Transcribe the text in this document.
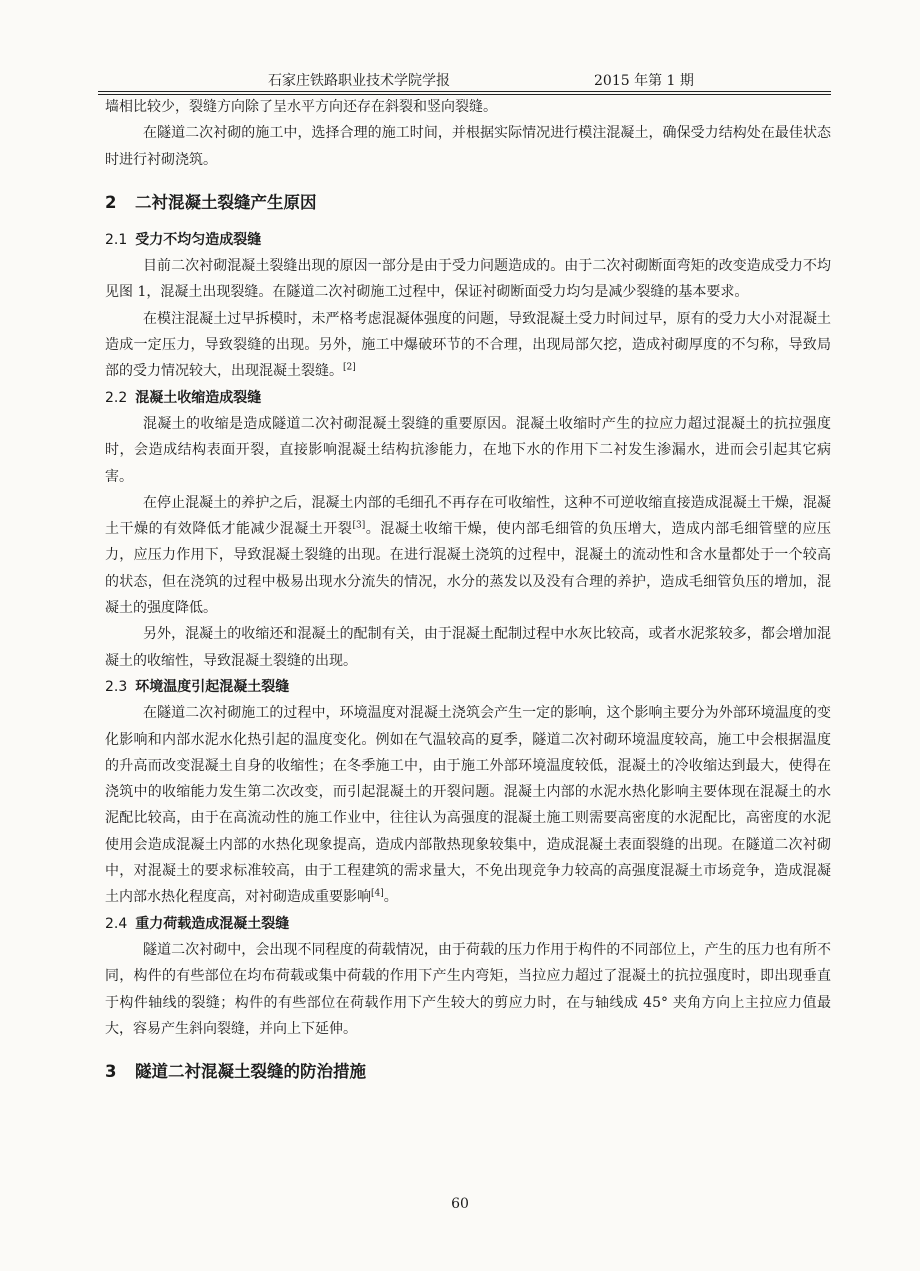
石家庄铁路职业技术学院学报	2015 年第 1 期

墙相比较少，裂缝方向除了呈水平方向还存在斜裂和竖向裂缝。

在隧道二次衬砌的施工中，选择合理的施工时间，并根据实际情况进行模注混凝土，确保受力结构处在最佳状态时进行衬砌浇筑。

2 二衬混凝土裂缝产生原因
2.1 受力不均匀造成裂缝

目前二次衬砌混凝土裂缝出现的原因一部分是由于受力问题造成的。由于二次衬砌断面弯矩的改变造成受力不均见图 1，混凝土出现裂缝。在隧道二次衬砌施工过程中，保证衬砌断面受力均匀是减少裂缝的基本要求。

在模注混凝土过早拆模时，未严格考虑混凝体强度的问题，导致混凝土受力时间过早，原有的受力大小对混凝土造成一定压力，导致裂缝的出现。另外，施工中爆破环节的不合理，出现局部欠挖，造成衬砌厚度的不匀称，导致局部的受力情况较大，出现混凝土裂缝。[2]

2.2 混凝土收缩造成裂缝

混凝土的收缩是造成隧道二次衬砌混凝土裂缝的重要原因。混凝土收缩时产生的拉应力超过混凝土的抗拉强度时，会造成结构表面开裂，直接影响混凝土结构抗渗能力，在地下水的作用下二衬发生渗漏水，进而会引起其它病害。

在停止混凝土的养护之后，混凝土内部的毛细孔不再存在可收缩性，这种不可逆收缩直接造成混凝土干燥，混凝土干燥的有效降低才能减少混凝土开裂[3]。混凝土收缩干燥，使内部毛细管的负压增大，造成内部毛细管壁的应压力，应压力作用下，导致混凝土裂缝的出现。在进行混凝土浇筑的过程中，混凝土的流动性和含水量都处于一个较高的状态，但在浇筑的过程中极易出现水分流失的情况，水分的蒸发以及没有合理的养护，造成毛细管负压的增加，混凝土的强度降低。

另外，混凝土的收缩还和混凝土的配制有关，由于混凝土配制过程中水灰比较高，或者水泥浆较多，都会增加混凝土的收缩性，导致混凝土裂缝的出现。

2.3 环境温度引起混凝土裂缝

在隧道二次衬砌施工的过程中，环境温度对混凝土浇筑会产生一定的影响，这个影响主要分为外部环境温度的变化影响和内部水泥水化热引起的温度变化。例如在气温较高的夏季，隧道二次衬砌环境温度较高，施工中会根据温度的升高而改变混凝土自身的收缩性；在冬季施工中，由于施工外部环境温度较低，混凝土的冷收缩达到最大，使得在浇筑中的收缩能力发生第二次改变，而引起混凝土的开裂问题。混凝土内部的水泥水热化影响主要体现在混凝土的水泥配比较高，由于在高流动性的施工作业中，往往认为高强度的混凝土施工则需要高密度的水泥配比，高密度的水泥使用会造成混凝土内部的水热化现象提高，造成内部散热现象较集中，造成混凝土表面裂缝的出现。在隧道二次衬砌中，对混凝土的要求标准较高，由于工程建筑的需求量大，不免出现竞争力较高的高强度混凝土市场竞争，造成混凝土内部水热化程度高，对衬砌造成重要影响[4]。

2.4 重力荷载造成混凝土裂缝

隧道二次衬砌中，会出现不同程度的荷载情况，由于荷载的压力作用于构件的不同部位上，产生的压力也有所不同，构件的有些部位在均布荷载或集中荷载的作用下产生内弯矩，当拉应力超过了混凝土的抗拉强度时，即出现垂直于构件轴线的裂缝；构件的有些部位在荷载作用下产生较大的剪应力时，在与轴线成 45° 夹角方向上主拉应力值最大，容易产生斜向裂缝，并向上下延伸。

3 隧道二衬混凝土裂缝的防治措施
60
